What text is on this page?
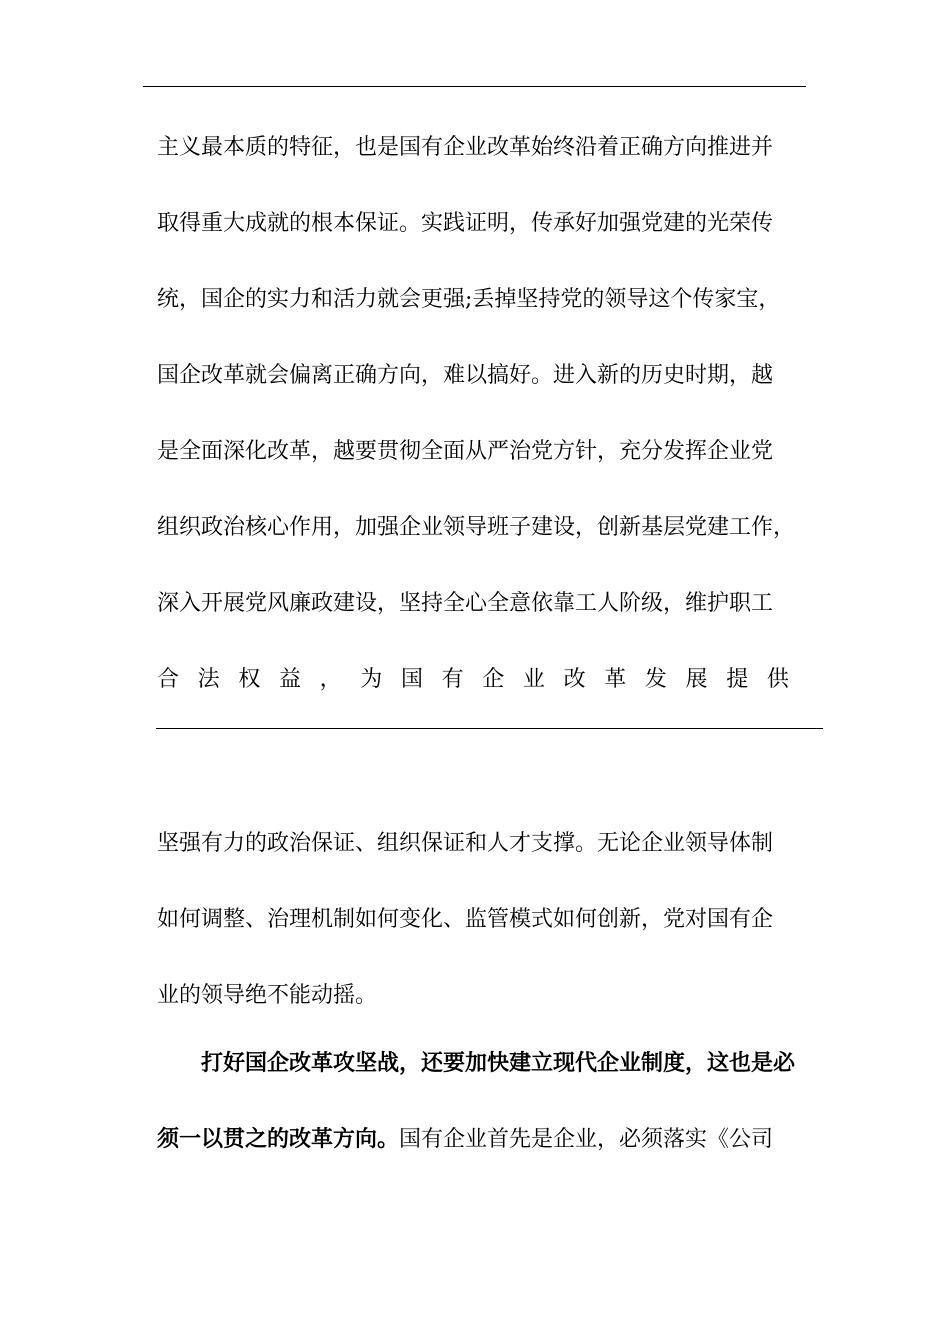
主义最本质的特征，也是国有企业改革始终沿着正确方向推进并
取得重大成就的根本保证。实践证明，传承好加强党建的光荣传
统，国企的实力和活力就会更强;丢掉坚持党的领导这个传家宝，
国企改革就会偏离正确方向，难以搞好。进入新的历史时期，越
是全面深化改革，越要贯彻全面从严治党方针，充分发挥企业党
组织政治核心作用，加强企业领导班子建设，创新基层党建工作，
深入开展党风廉政建设，坚持全心全意依靠工人阶级，维护职工
合 法 权 益 ， 为 国 有 企 业 改 革 发 展 提 供
坚强有力的政治保证、组织保证和人才支撑。无论企业领导体制
如何调整、治理机制如何变化、监管模式如何创新，党对国有企
业的领导绝不能动摇。
打好国企改革攻坚战，还要加快建立现代企业制度，这也是必
须一以贯之的改革方向。国有企业首先是企业，必须落实《公司
